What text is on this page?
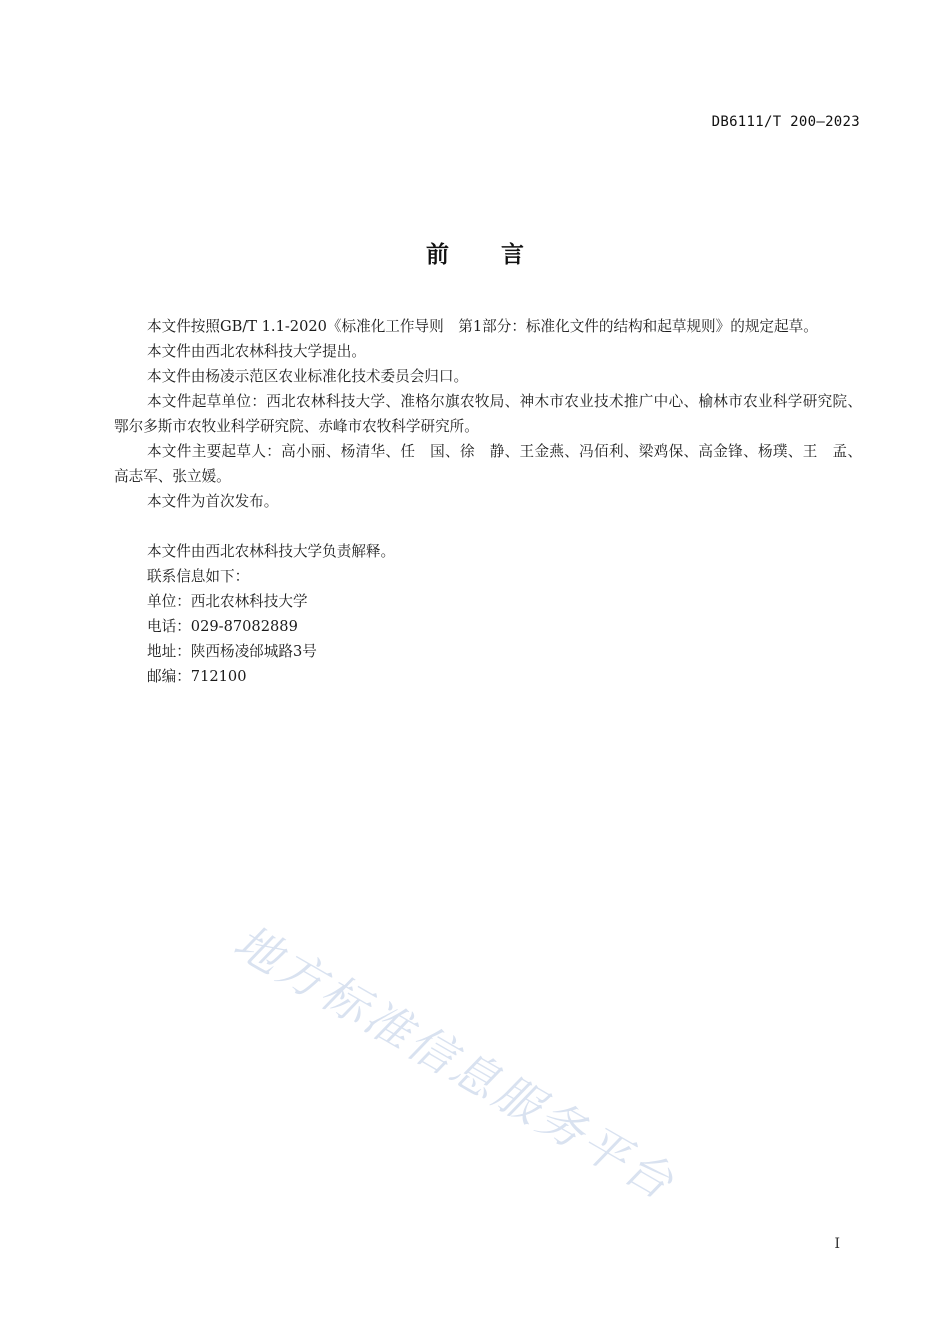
DB6111/T 200—2023
前言

本文件按照GB/T 1.1-2020《标准化工作导则　第1部分：标准化文件的结构和起草规则》的规定起草。

本文件由西北农林科技大学提出。

本文件由杨凌示范区农业标准化技术委员会归口。

本文件起草单位：西北农林科技大学、准格尔旗农牧局、神木市农业技术推广中心、榆林市农业科学研究院、鄂尔多斯市农牧业科学研究院、赤峰市农牧科学研究所。

本文件主要起草人：高小丽、杨清华、任　国、徐　静、王金燕、冯佰利、梁鸡保、高金锋、杨璞、王　孟、高志军、张立媛。

本文件为首次发布。

本文件由西北农林科技大学负责解释。

联系信息如下：

单位：西北农林科技大学

电话：029-87082889

地址：陕西杨凌邰城路3号

邮编：712100

地方标准信息服务平台
I
